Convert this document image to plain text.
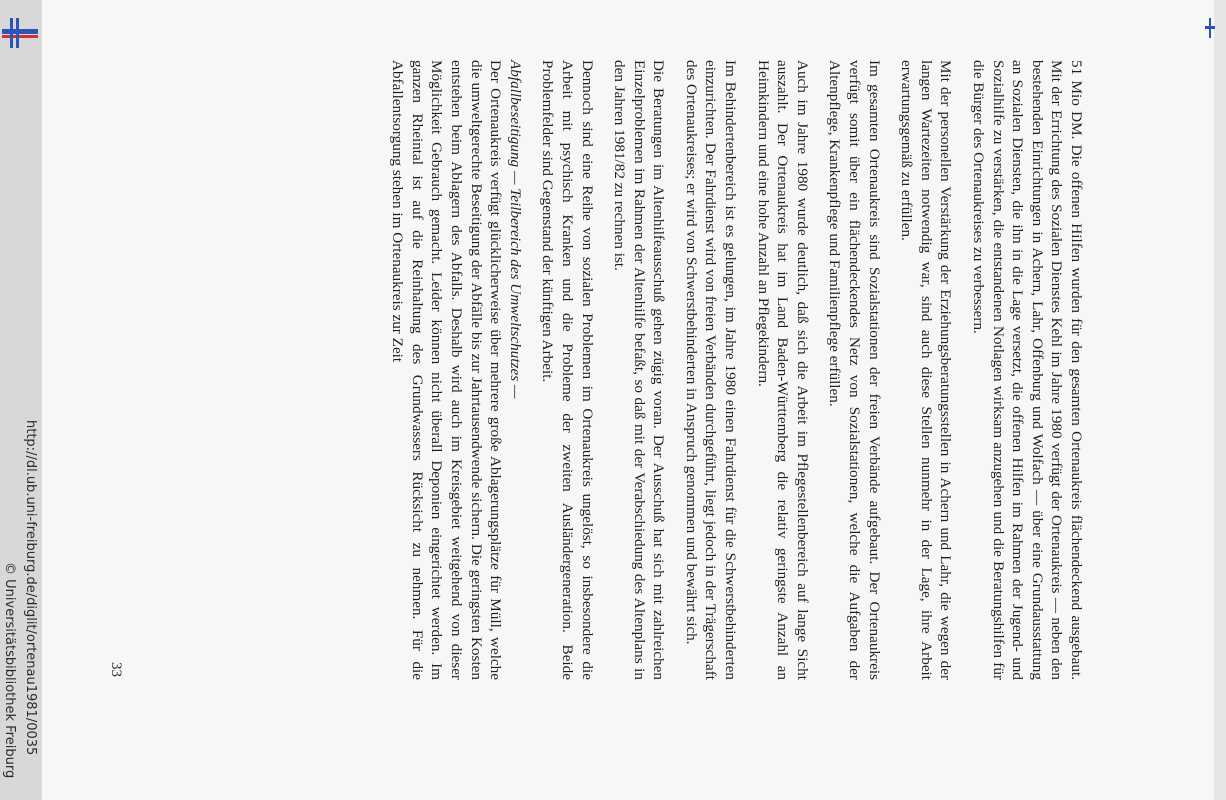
51 Mio DM. Die offenen Hilfen wurden für den gesamten Ortenaukreis flächendeckend ausgebaut. Mit der Errichtung des Sozialen Dienstes Kehl im Jahre 1980 verfügt der Ortenaukreis — neben den bestehenden Einrichtungen in Achern, Lahr, Offenburg und Wolfach — über eine Grundausstattung an Sozialen Diensten, die ihn in die Lage versetzt, die offenen Hilfen im Rahmen der Jugend- und Sozialhilfe zu verstärken, die entstandenen Notlagen wirksam anzugehen und die Beratungshilfen für die Bürger des Ortenaukreises zu verbessern.

Mit der personellen Verstärkung der Erziehungsberatungsstellen in Achern und Lahr, die wegen der langen Wartezeiten notwendig war, sind auch diese Stellen nunmehr in der Lage, ihre Arbeit erwartungsgemäß zu erfüllen.

Im gesamten Ortenaukreis sind Sozialstationen der freien Verbände aufgebaut. Der Ortenaukreis verfügt somit über ein flächendeckendes Netz von Sozialstationen, welche die Aufgaben der Altenpflege, Krankenpflege und Familienpflege erfüllen.

Auch im Jahre 1980 wurde deutlich, daß sich die Arbeit im Pflegestellenbereich auf lange Sicht auszahlt. Der Ortenaukreis hat im Land Baden-Württemberg die relativ geringste Anzahl an Heimkindern und eine hohe Anzahl an Pflegekindern.

Im Behindertenbereich ist es gelungen, im Jahre 1980 einen Fahrdienst für die Schwerstbehinderten einzurichten. Der Fahrdienst wird von freien Verbänden durchgeführt, liegt jedoch in der Trägerschaft des Ortenaukreises; er wird von Schwerstbehinderten in Anspruch genommen und bewährt sich.

Die Beratungen im Altenhilfeausschuß gehen zügig voran. Der Ausschuß hat sich mit zahlreichen Einzelproblemen im Rahmen der Altenhilfe befaßt, so daß mit der Verabschiedung des Altenplans in den Jahren 1981/82 zu rechnen ist.

Dennoch sind eine Reihe von sozialen Problemen im Ortenaukreis ungelöst, so insbesondere die Arbeit mit psychisch Kranken und die Probleme der zweiten Ausländergeneration. Beide Problemfelder sind Gegenstand der künftigen Arbeit.

Abfallbeseitigung — Teilbereich des Umweltschutzes —

Der Ortenaukreis verfügt glücklicherweise über mehrere große Ablagerungsplätze für Müll, welche die umweltgerechte Beseitigung der Abfälle bis zur Jahrtausendwende sichern. Die geringsten Kosten entstehen beim Ablagern des Abfalls. Deshalb wird auch im Kreisgebiet weitgehend von dieser Möglichkeit Gebrauch gemacht. Leider können nicht überall Deponien eingerichtet werden. Im ganzen Rheintal ist auf die Reinhaltung des Grundwassers Rücksicht zu nehmen. Für die Abfallentsorgung stehen im Ortenaukreis zur Zeit

33
http://dl.ub.uni-freiburg.de/diglit/ortenau1981/0035
© Universitätsbibliothek Freiburg
